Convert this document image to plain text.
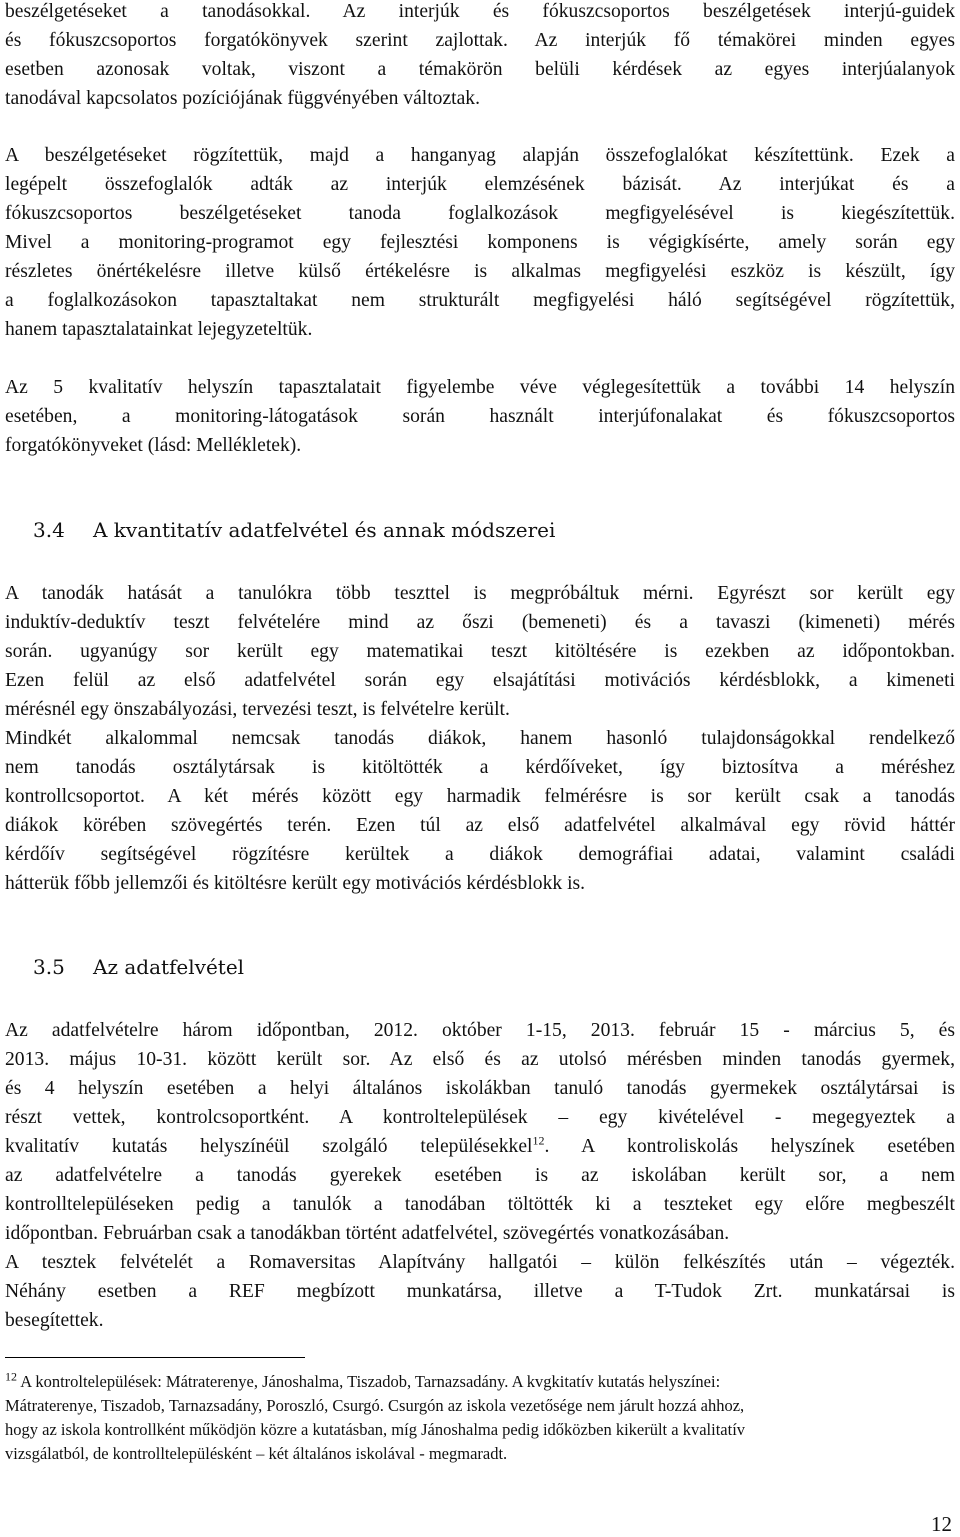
beszélgetéseket a tanodásokkal. Az interjúk és fókuszcsoportos beszélgetések interjú-guidek
és fókuszcsoportos forgatókönyvek szerint zajlottak. Az interjúk fő témakörei minden egyes
esetben azonosak voltak, viszont a témakörön belüli kérdések az egyes interjúalanyok
tanodával kapcsolatos pozíciójának függvényében változtak.
A beszélgetéseket rögzítettük, majd a hanganyag alapján összefoglalókat készítettünk. Ezek a
legépelt összefoglalók adták az interjúk elemzésének bázisát. Az interjúkat és a
fókuszcsoportos beszélgetéseket tanoda foglalkozások megfigyelésével is kiegészítettük.
Mivel a monitoring-programot egy fejlesztési komponens is végigkísérte, amely során egy
részletes önértékelésre illetve külső értékelésre is alkalmas megfigyelési eszköz is készült, így
a foglalkozásokon tapasztaltakat nem strukturált megfigyelési háló segítségével rögzítettük,
hanem tapasztalatainkat lejegyzeteltük.
Az 5 kvalitatív helyszín tapasztalatait figyelembe véve véglegesítettük a további 14 helyszín
esetében, a monitoring-látogatások során használt interjúfonalakat és fókuszcsoportos
forgatókönyveket (lásd: Mellékletek).
3.4 A kvantitatív adatfelvétel és annak módszerei
A tanodák hatását a tanulókra több teszttel is megpróbáltuk mérni. Egyrészt sor került egy
induktív-deduktív teszt felvételére mind az őszi (bemeneti) és a tavaszi (kimeneti) mérés
során. ugyanúgy sor került egy matematikai teszt kitöltésére is ezekben az időpontokban.
Ezen felül az első adatfelvétel során egy elsajátítási motivációs kérdésblokk, a kimeneti
mérésnél egy önszabályozási, tervezési teszt, is felvételre került.
Mindkét alkalommal nemcsak tanodás diákok, hanem hasonló tulajdonságokkal rendelkező
nem tanodás osztálytársak is kitöltötték a kérdőíveket, így biztosítva a méréshez
kontrollcsoportot. A két mérés között egy harmadik felmérésre is sor került csak a tanodás
diákok körében szövegértés terén. Ezen túl az első adatfelvétel alkalmával egy rövid háttér
kérdőív segítségével rögzítésre kerültek a diákok demográfiai adatai, valamint családi
hátterük főbb jellemzői és kitöltésre került egy motivációs kérdésblokk is.
3.5 Az adatfelvétel
Az adatfelvételre három időpontban, 2012. október 1-15, 2013. február 15 - március 5, és
2013. május 10-31. között került sor. Az első és az utolsó mérésben minden tanodás gyermek,
és 4 helyszín esetében a helyi általános iskolákban tanuló tanodás gyermekek osztálytársai is
részt vettek, kontrolcsoportként. A kontroltelepülések – egy kivételével - megegyeztek a
kvalitatív kutatás helyszínéül szolgáló településekkel$^{12}$. A kontroliskolás helyszínek esetében
az adatfelvételre a tanodás gyerekek esetében is az iskolában került sor, a nem
kontrolltelepüléseken pedig a tanulók a tanodában töltötték ki a teszteket egy előre megbeszélt
időpontban. Februárban csak a tanodákban történt adatfelvétel, szövegértés vonatkozásában.
A tesztek felvételét a Romaversitas Alapítvány hallgatói – külön felkészítés után – végezték.
Néhány esetben a REF megbízott munkatársa, illetve a T-Tudok Zrt. munkatársai is
besegítettek.
$^{12}$ A kontroltelepülések: Mátraterenye, Jánoshalma, Tiszadob, Tarnazsadány. A kvgkitatív kutatás helyszínei:
Mátraterenye, Tiszadob, Tarnazsadány, Poroszló, Csurgó. Csurgón az iskola vezetősége nem járult hozzá ahhoz,
hogy az iskola kontrollként működjön közre a kutatásban, míg Jánoshalma pedig időközben kikerült a kvalitatív
vizsgálatból, de kontrolltelepülésként – két általános iskolával - megmaradt.
12
